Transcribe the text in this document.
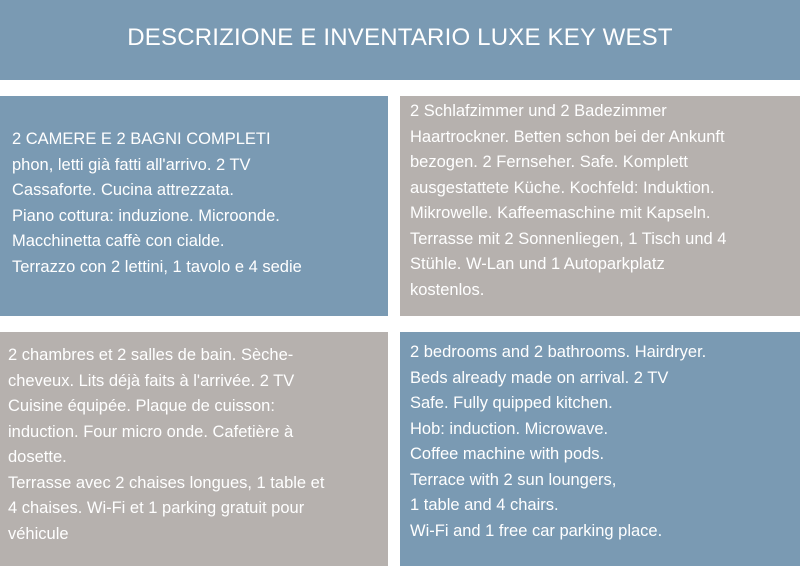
DESCRIZIONE E INVENTARIO LUXE KEY WEST
2 CAMERE E 2 BAGNI COMPLETI
phon, letti già fatti all'arrivo. 2 TV
Cassaforte. Cucina attrezzata.
Piano cottura: induzione. Microonde.
Macchinetta caffè con cialde.
Terrazzo con 2 lettini, 1 tavolo e 4 sedie
2 Schlafzimmer und 2 Badezimmer
Haartrockner. Betten schon bei der Ankunft
bezogen. 2 Fernseher. Safe. Komplett
ausgestattete Küche. Kochfeld: Induktion.
Mikrowelle. Kaffeemaschine mit Kapseln.
Terrasse mit 2 Sonnenliegen, 1 Tisch und 4
Stühle. W-Lan und 1 Autoparkplatz
kostenlos.
2 chambres et 2 salles de bain. Sèche-
cheveux. Lits déjà faits à l'arrivée. 2 TV
Cuisine équipée. Plaque de cuisson:
induction. Four micro onde. Cafetière à
dosette.
Terrasse avec 2 chaises longues, 1 table et
4 chaises. Wi-Fi et 1 parking gratuit pour
véhicule
2 bedrooms and 2 bathrooms. Hairdryer.
Beds already made on arrival. 2 TV
Safe. Fully quipped kitchen.
Hob: induction. Microwave.
Coffee machine with pods.
Terrace with 2 sun loungers,
1 table and 4 chairs.
Wi-Fi and 1 free car parking place.
